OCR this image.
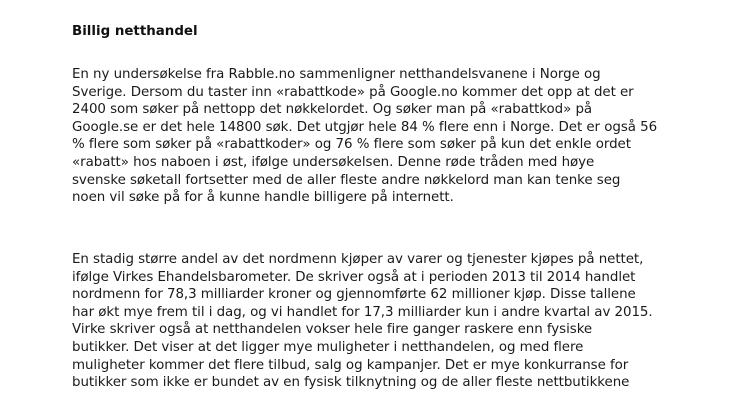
Billig netthandel

En ny undersøkelse fra Rabble.no sammenligner netthandelsvanene i Norge og
Sverige. Dersom du taster inn «rabattkode» på Google.no kommer det opp at det er
2400 som søker på nettopp det nøkkelordet. Og søker man på «rabattkod» på
Google.se er det hele 14800 søk. Det utgjør hele 84 % flere enn i Norge. Det er også 56
% flere som søker på «rabattkoder» og 76 % flere som søker på kun det enkle ordet
«rabatt» hos naboen i øst, ifølge undersøkelsen. Denne røde tråden med høye
svenske søketall fortsetter med de aller fleste andre nøkkelord man kan tenke seg
noen vil søke på for å kunne handle billigere på internett.

En stadig større andel av det nordmenn kjøper av varer og tjenester kjøpes på nettet,
ifølge Virkes Ehandelsbarometer. De skriver også at i perioden 2013 til 2014 handlet
nordmenn for 78,3 milliarder kroner og gjennomførte 62 millioner kjøp. Disse tallene
har økt mye frem til i dag, og vi handlet for 17,3 milliarder kun i andre kvartal av 2015.
Virke skriver også at netthandelen vokser hele fire ganger raskere enn fysiske
butikker. Det viser at det ligger mye muligheter i netthandelen, og med flere
muligheter kommer det flere tilbud, salg og kampanjer. Det er mye konkurranse for
butikker som ikke er bundet av en fysisk tilknytning og de aller fleste nettbutikkene
